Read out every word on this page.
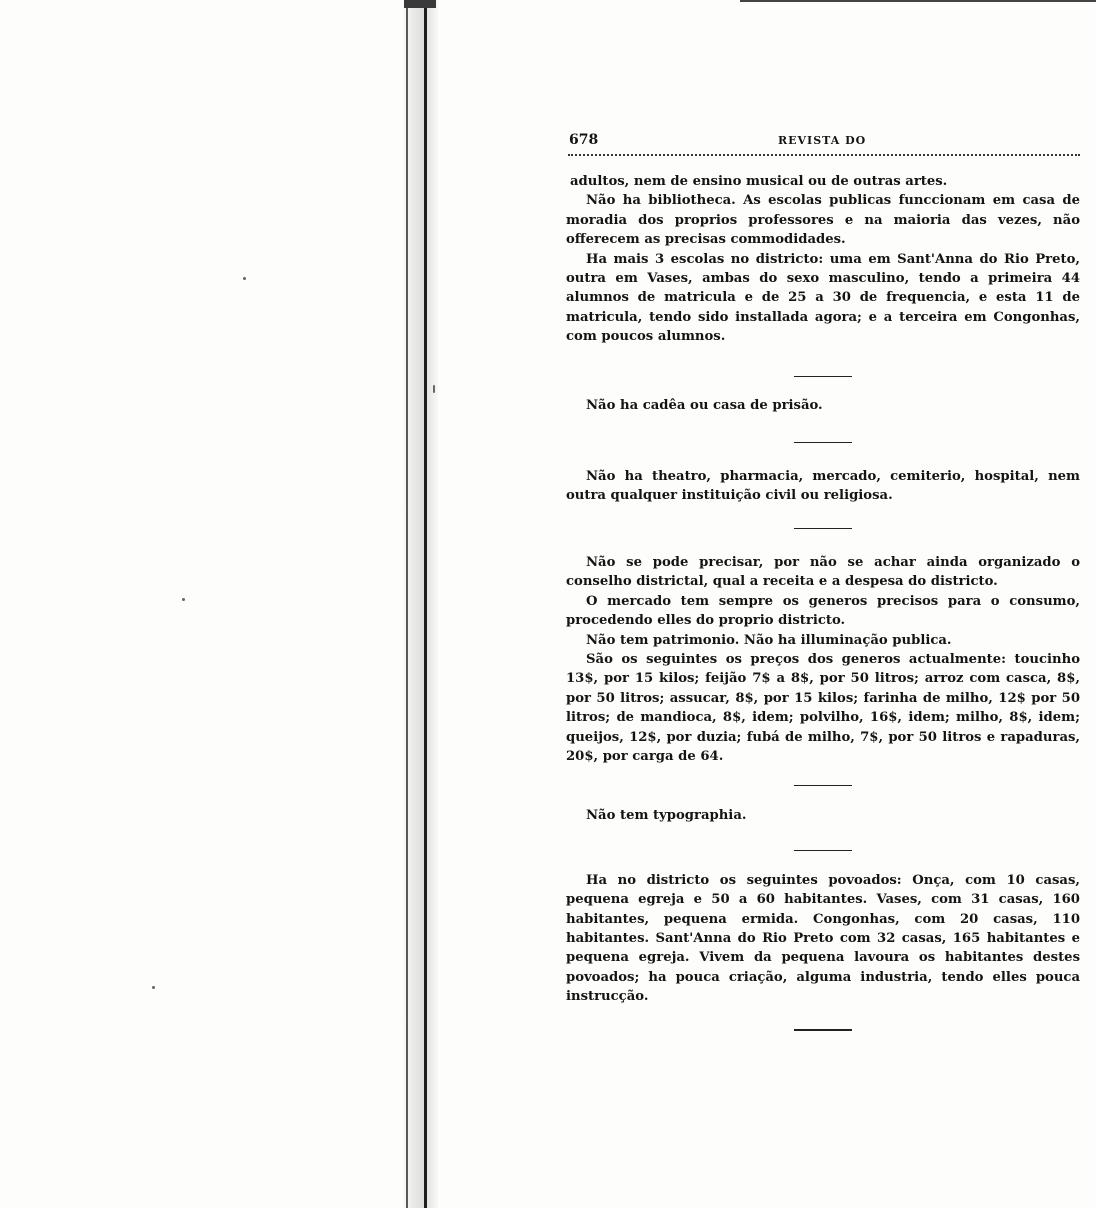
678	REVISTA DO

adultos, nem de ensino musical ou de outras artes.

Não ha bibliotheca. As escolas publicas funccionam em casa de moradia dos proprios professores e na maioria das vezes, não offerecem as precisas commodidades.

Ha mais 3 escolas no districto: uma em Sant'Anna do Rio Preto, outra em Vases, ambas do sexo masculino, tendo a primeira 44 alumnos de matricula e de 25 a 30 de frequencia, e esta 11 de matricula, tendo sido installada agora; e a terceira em Congonhas, com poucos alumnos.

Não ha cadêa ou casa de prisão.

Não ha theatro, pharmacia, mercado, cemiterio, hospital, nem outra qualquer instituição civil ou religiosa.

Não se pode precisar, por não se achar ainda organizado o conselho districtal, qual a receita e a despesa do districto.

O mercado tem sempre os generos precisos para o consumo, procedendo elles do proprio districto.

Não tem patrimonio. Não ha illuminação publica.

São os seguintes os preços dos generos actualmente: toucinho 13$, por 15 kilos; feijão 7$ a 8$, por 50 litros; arroz com casca, 8$, por 50 litros; assucar, 8$, por 15 kilos; farinha de milho, 12$ por 50 litros; de mandioca, 8$, idem; polvilho, 16$, idem; milho, 8$, idem; queijos, 12$, por duzia; fubá de milho, 7$, por 50 litros e rapaduras, 20$, por carga de 64.

Não tem typographia.

Ha no districto os seguintes povoados: Onça, com 10 casas, pequena egreja e 50 a 60 habitantes. Vases, com 31 casas, 160 habitantes, pequena ermida. Congonhas, com 20 casas, 110 habitantes. Sant'Anna do Rio Preto com 32 casas, 165 habitantes e pequena egreja. Vivem da pequena lavoura os habitantes destes povoados; ha pouca criação, alguma industria, tendo elles pouca instrucção.
